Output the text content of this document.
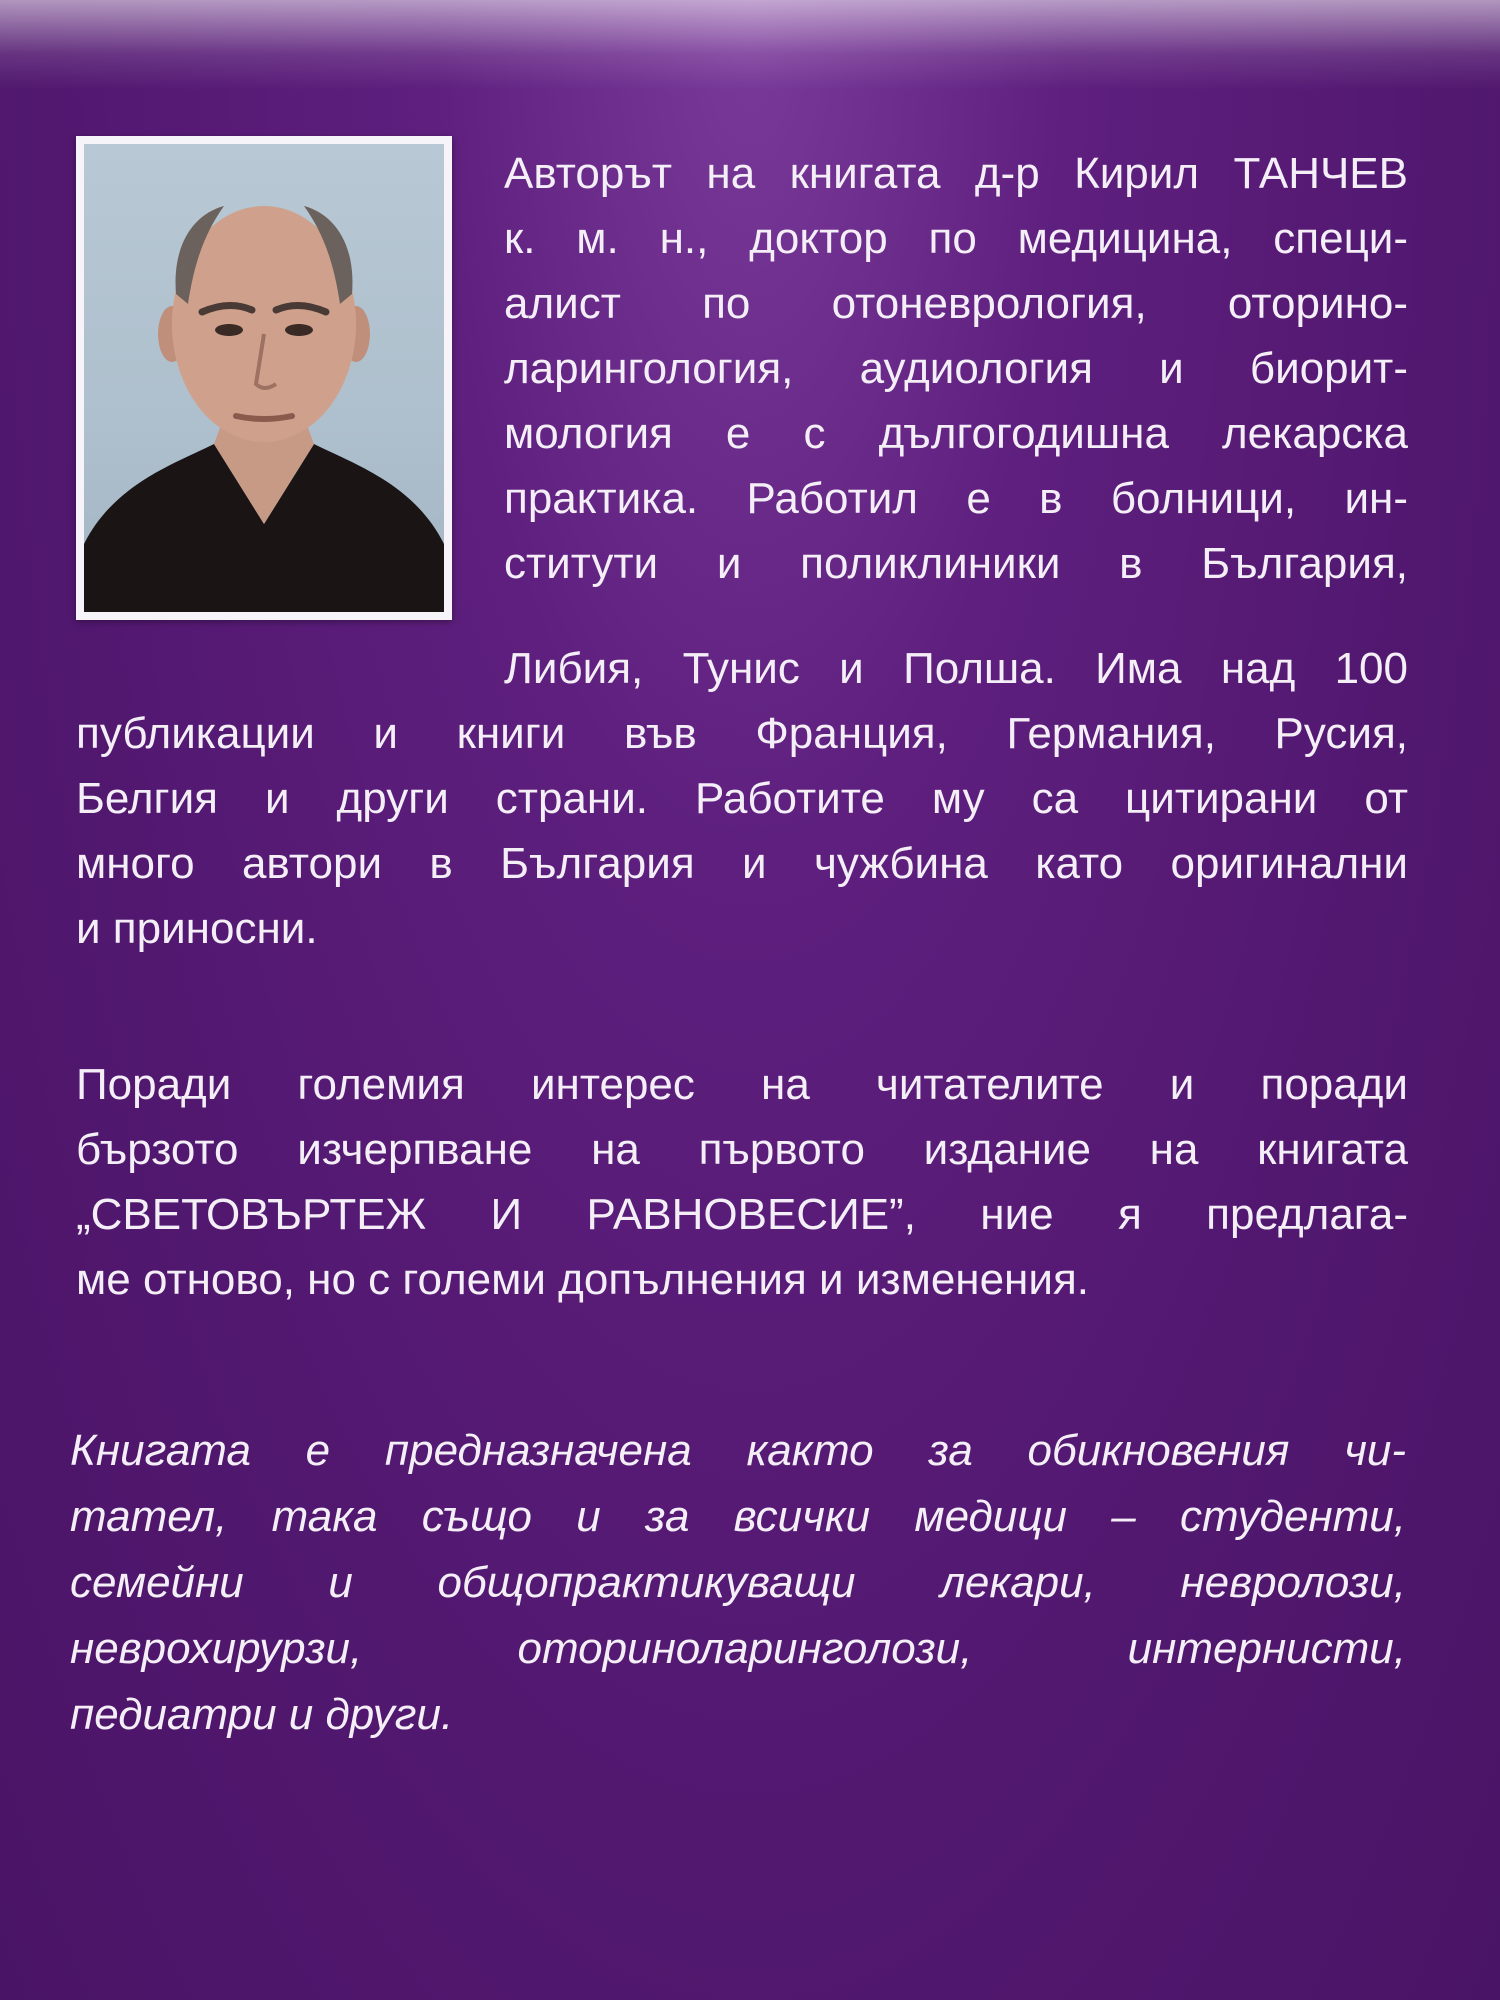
Авторът на книгата д-р Кирил ТАНЧЕВ

к. м. н., доктор по медицина, специ-

алист по отоневрология, оторино-

ларингология, аудиология и биорит-

мология е с дългогодишна лекарска

практика. Работил е в болници, ин-

ститути и поликлиники в България,

Либия, Тунис и Полша. Има над 100

публикации и книги във Франция, Германия, Русия,

Белгия и други страни. Работите му са цитирани от

много автори в България и чужбина като оригинални

и приносни.

Поради големия интерес на читателите и поради

бързото изчерпване на първото издание на книгата

„СВЕТОВЪРТЕЖ И РАВНОВЕСИЕ”, ние я предлага-

ме отново, но с големи допълнения и изменения.

Книгата е предназначена както за обикновения чи-

тател, така също и за всички медици – студенти,

семейни и общопрактикуващи лекари, невролози,

неврохирурзи, оториноларинголози, интернисти,

педиатри и други.
